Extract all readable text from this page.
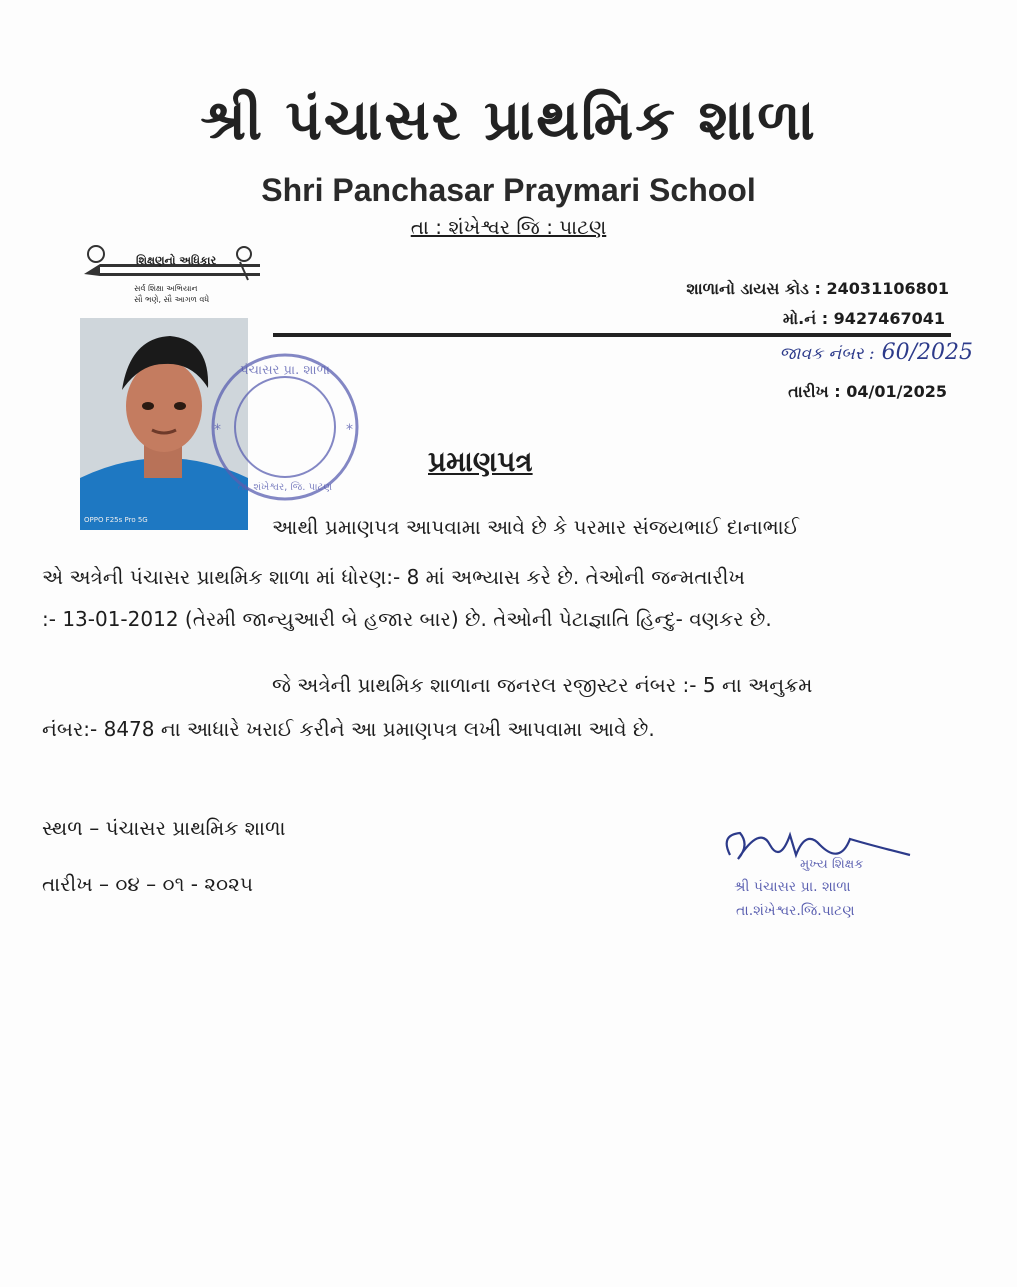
શ્રી પંચાસર પ્રાથમિક શાળા
Shri Panchasar Praymari School
તા : શંખેશ્વર જિ : પાટણ
શિક્ષણનો અધિકાર
સર્વ શિક્ષા અભિયાન
સૌ ભણે, સૌ આગળ વધે
શાળાનો ડાયસ કોડ : 24031106801
મો.નં : 9427467041
જાવક નંબર : 60/2025
તારીખ : 04/01/2025
OPPO F25s Pro 5G
પંચાસર પ્રા. શાળા
તા. શંખેશ્વર, જિ. પાટણ
*
*
પ્રમાણપત્ર
આથી પ્રમાણપત્ર આપવામા આવે છે કે પરમાર સંજયભાઈ દાનાભાઈ
એ અત્રેની પંચાસર પ્રાથમિક શાળા માં ધોરણ:- 8 માં અભ્યાસ કરે છે. તેઓની જન્મતારીખ
:- 13-01-2012 (તેરમી જાન્યુઆરી બે હજાર બાર) છે. તેઓની પેટાજ્ઞાતિ હિન્દુ- વણકર છે.
જે અત્રેની પ્રાથમિક શાળાના જનરલ રજીસ્ટર નંબર :- 5 ના અનુક્રમ
નંબર:- 8478 ના આધારે ખરાઈ કરીને આ પ્રમાણપત્ર લખી આપવામા આવે છે.
સ્થળ – પંચાસર પ્રાથમિક શાળા
તારીખ – ૦૪ – ૦૧ - ૨૦૨૫
મુખ્ય શિક્ષક
શ્રી પંચાસર પ્રા. શાળા
તા.શંખેશ્વર.જિ.પાટણ
